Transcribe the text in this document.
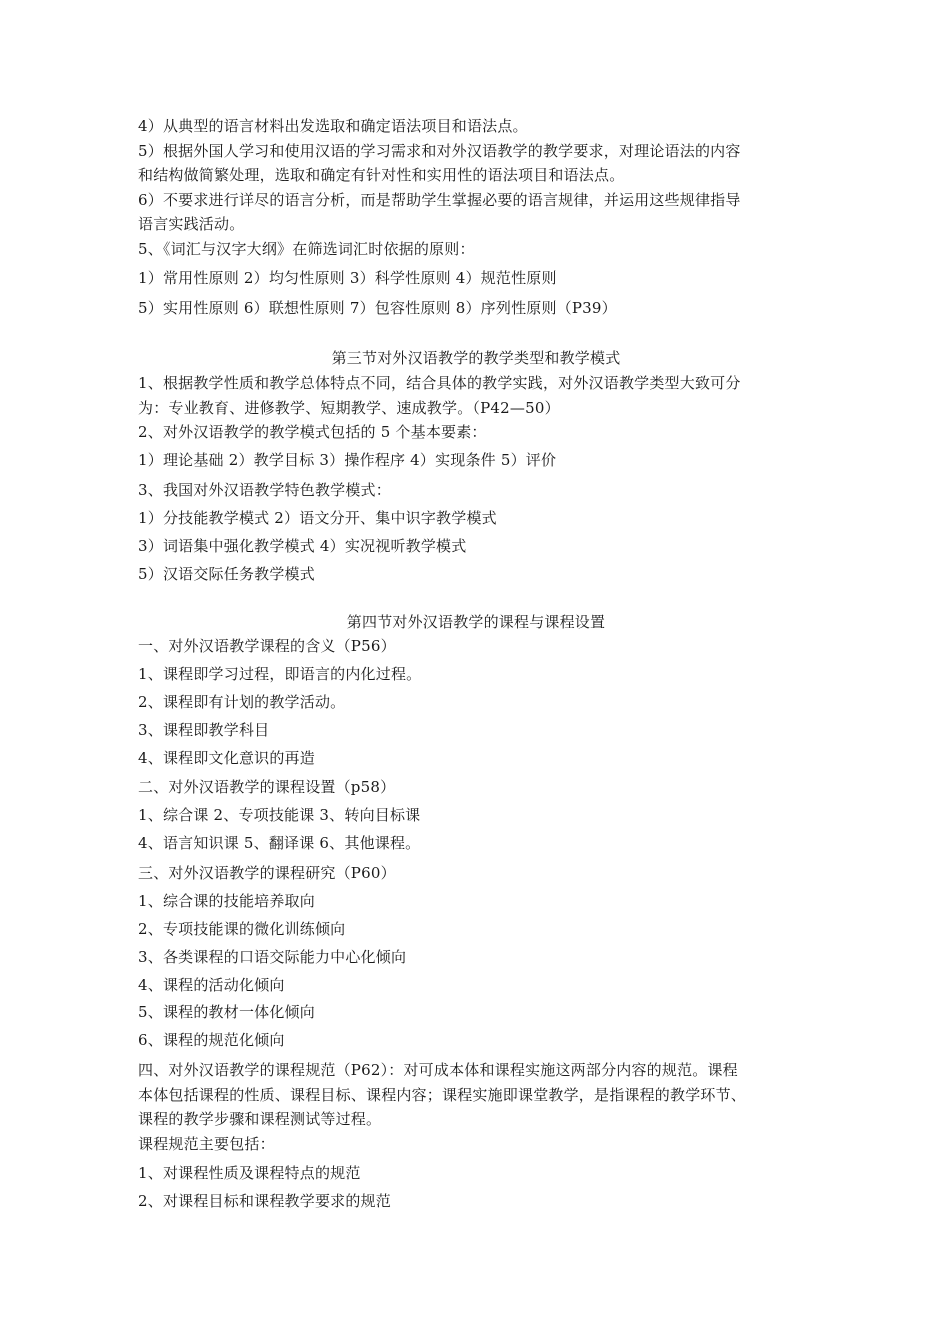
4）从典型的语言材料出发选取和确定语法项目和语法点。
5）根据外国人学习和使用汉语的学习需求和对外汉语教学的教学要求，对理论语法的内容
和结构做简繁处理，选取和确定有针对性和实用性的语法项目和语法点。
6）不要求进行详尽的语言分析，而是帮助学生掌握必要的语言规律，并运用这些规律指导
语言实践活动。
5、《词汇与汉字大纲》在筛选词汇时依据的原则：
1）常用性原则 2）均匀性原则 3）科学性原则 4）规范性原则
5）实用性原则 6）联想性原则 7）包容性原则 8）序列性原则（P39）
第三节对外汉语教学的教学类型和教学模式
1、根据教学性质和教学总体特点不同，结合具体的教学实践，对外汉语教学类型大致可分
为：专业教育、进修教学、短期教学、速成教学。（P42—50）
2、对外汉语教学的教学模式包括的 5 个基本要素：
1）理论基础 2）教学目标 3）操作程序 4）实现条件 5）评价
3、我国对外汉语教学特色教学模式：
1）分技能教学模式 2）语文分开、集中识字教学模式
3）词语集中强化教学模式 4）实况视听教学模式
5）汉语交际任务教学模式
第四节对外汉语教学的课程与课程设置
一、对外汉语教学课程的含义（P56）
1、课程即学习过程，即语言的内化过程。
2、课程即有计划的教学活动。
3、课程即教学科目
4、课程即文化意识的再造
二、对外汉语教学的课程设置（p58）
1、综合课 2、专项技能课 3、转向目标课
4、语言知识课 5、翻译课 6、其他课程。
三、对外汉语教学的课程研究（P60）
1、综合课的技能培养取向
2、专项技能课的微化训练倾向
3、各类课程的口语交际能力中心化倾向
4、课程的活动化倾向
5、课程的教材一体化倾向
6、课程的规范化倾向
四、对外汉语教学的课程规范（P62）：对可成本体和课程实施这两部分内容的规范。课程
本体包括课程的性质、课程目标、课程内容；课程实施即课堂教学，是指课程的教学环节、
课程的教学步骤和课程测试等过程。
课程规范主要包括：
1、对课程性质及课程特点的规范
2、对课程目标和课程教学要求的规范
